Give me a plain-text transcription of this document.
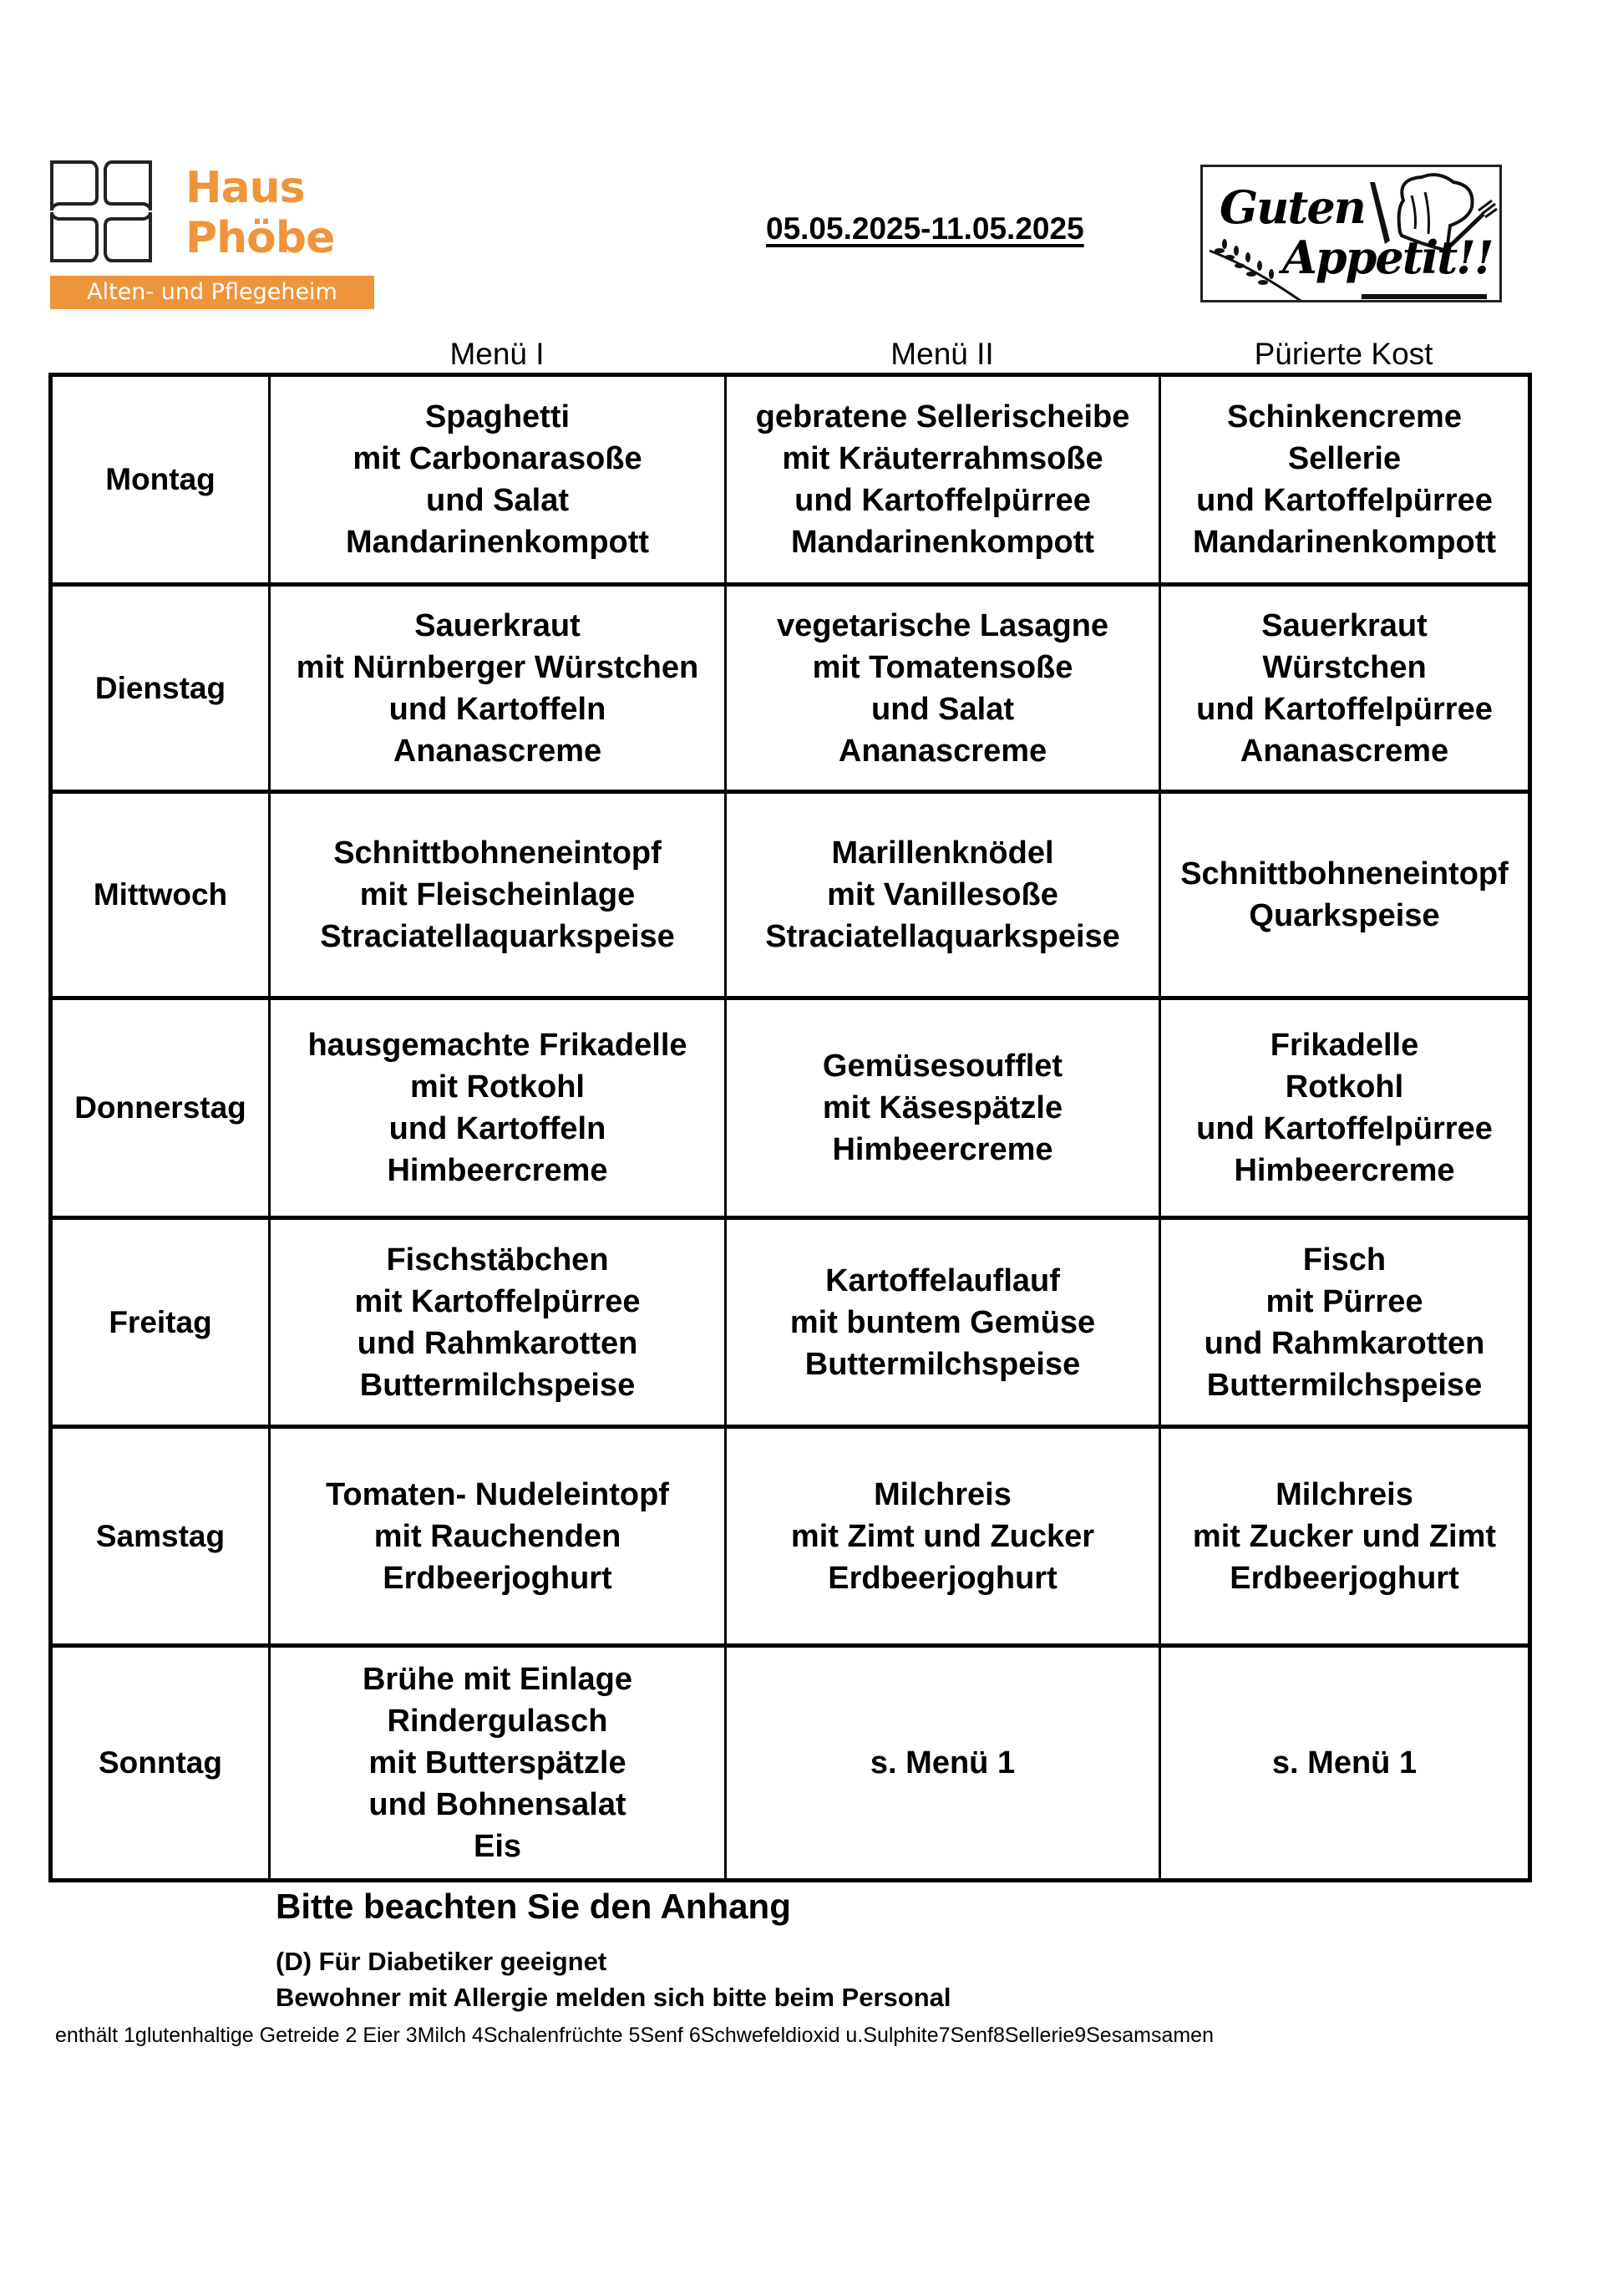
Haus
Phöbe
Alten- und Pflegeheim
05.05.2025-11.05.2025	Guten
Appetit!!
Menü I	Menü II	Pürierte Kost
Montag	Spaghetti
mit Carbonarasoße
und Salat
Mandarinenkompott	gebratene Sellerischeibe
mit Kräuterrahmsoße
und Kartoffelpürree
Mandarinenkompott	Schinkencreme
Sellerie
und Kartoffelpürree
Mandarinenkompott

Dienstag	Sauerkraut
mit Nürnberger Würstchen
und Kartoffeln
Ananascreme	vegetarische Lasagne
mit Tomatensoße
und Salat
Ananascreme	Sauerkraut
Würstchen
und Kartoffelpürree
Ananascreme

Mittwoch	Schnittbohneneintopf
mit Fleischeinlage
Straciatellaquarkspeise	Marillenknödel
mit Vanillesoße
Straciatellaquarkspeise	Schnittbohneneintopf
Quarkspeise

Donnerstag	hausgemachte Frikadelle
mit Rotkohl
und Kartoffeln
Himbeercreme	Gemüsesoufflet
mit Käsespätzle
Himbeercreme	Frikadelle
Rotkohl
und Kartoffelpürree
Himbeercreme

Freitag	Fischstäbchen
mit Kartoffelpürree
und Rahmkarotten
Buttermilchspeise	Kartoffelauflauf
mit buntem Gemüse
Buttermilchspeise	Fisch
mit Pürree
und Rahmkarotten
Buttermilchspeise

Samstag	Tomaten- Nudeleintopf
mit Rauchenden
Erdbeerjoghurt	Milchreis
mit Zimt und Zucker
Erdbeerjoghurt	Milchreis
mit Zucker und Zimt
Erdbeerjoghurt

Sonntag	Brühe mit Einlage
Rindergulasch
mit Butterspätzle
und Bohnensalat
Eis	s. Menü 1	s. Menü 1
Bitte beachten Sie den Anhang
(D) Für Diabetiker geeignet
Bewohner mit Allergie melden sich bitte beim Personal
enthält 1glutenhaltige Getreide 2 Eier 3Milch 4Schalenfrüchte 5Senf 6Schwefeldioxid u.Sulphite7Senf8Sellerie9Sesamsamen
